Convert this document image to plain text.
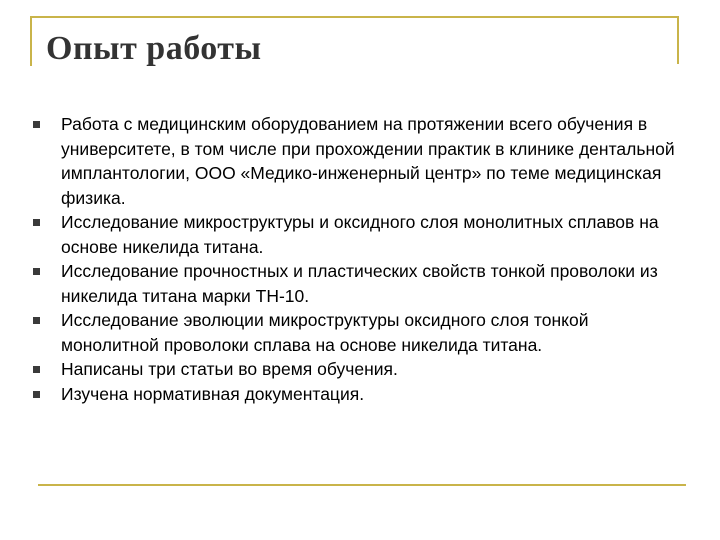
Опыт работы
Работа с медицинским оборудованием на протяжении всего обучения в университете, в том числе при прохождении практик в клинике дентальной имплантологии, ООО «Медико-инженерный центр» по теме медицинская физика.
Исследование микроструктуры и оксидного слоя монолитных сплавов на основе никелида титана.
Исследование прочностных и пластических свойств тонкой проволоки из никелида титана марки ТН-10.
Исследование эволюции микроструктуры оксидного слоя тонкой монолитной проволоки сплава на основе никелида титана.
Написаны три статьи во время обучения.
Изучена нормативная документация.
